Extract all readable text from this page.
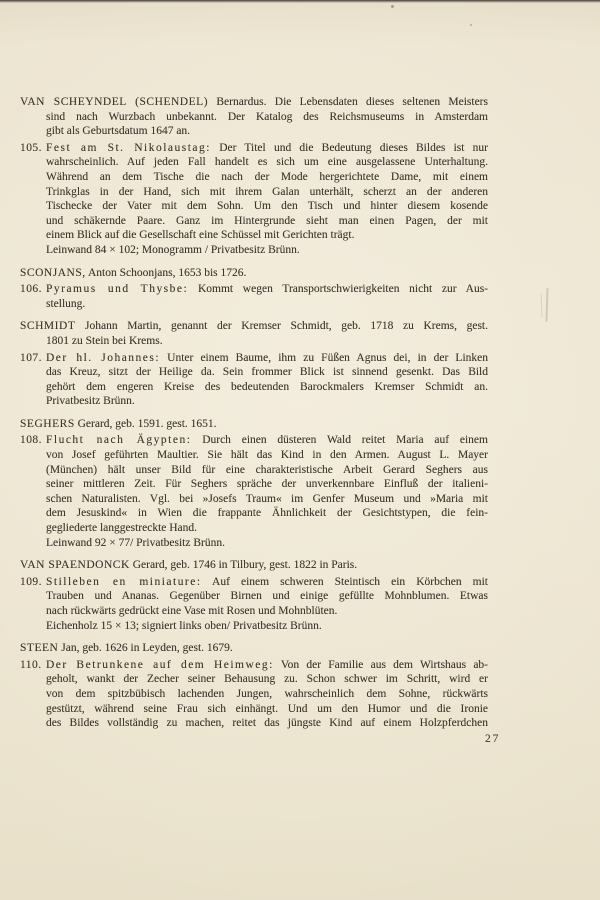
VAN SCHEYNDEL (SCHENDEL) Bernardus. Die Lebensdaten dieses seltenen Meisters
sind nach Wurzbach unbekannt. Der Katalog des Reichsmuseums in Amsterdam
gibt als Geburtsdatum 1647 an.
105. Fest am St. Nikolaustag: Der Titel und die Bedeutung dieses Bildes ist nur
wahrscheinlich. Auf jeden Fall handelt es sich um eine ausgelassene Unterhaltung.
Während an dem Tische die nach der Mode hergerichtete Dame, mit einem
Trinkglas in der Hand, sich mit ihrem Galan unterhält, scherzt an der anderen
Tischecke der Vater mit dem Sohn. Um den Tisch und hinter diesem kosende
und schäkernde Paare. Ganz im Hintergrunde sieht man einen Pagen, der mit
einem Blick auf die Gesellschaft eine Schüssel mit Gerichten trägt.
Leinwand 84 × 102; Monogramm / Privatbesitz Brünn.
SCONJANS, Anton Schoonjans, 1653 bis 1726.
106. Pyramus und Thysbe: Kommt wegen Transportschwierigkeiten nicht zur Aus-
stellung.
SCHMIDT Johann Martin, genannt der Kremser Schmidt, geb. 1718 zu Krems, gest.
1801 zu Stein bei Krems.
107. Der hl. Johannes: Unter einem Baume, ihm zu Füßen Agnus dei, in der Linken
das Kreuz, sitzt der Heilige da. Sein frommer Blick ist sinnend gesenkt. Das Bild
gehört dem engeren Kreise des bedeutenden Barockmalers Kremser Schmidt an.
Privatbesitz Brünn.
SEGHERS Gerard, geb. 1591. gest. 1651.
108. Flucht nach Ägypten: Durch einen düsteren Wald reitet Maria auf einem
von Josef geführten Maultier. Sie hält das Kind in den Armen. August L. Mayer
(München) hält unser Bild für eine charakteristische Arbeit Gerard Seghers aus
seiner mittleren Zeit. Für Seghers spräche der unverkennbare Einfluß der italieni-
schen Naturalisten. Vgl. bei »Josefs Traum« im Genfer Museum und »Maria mit
dem Jesuskind« in Wien die frappante Ähnlichkeit der Gesichtstypen, die fein-
gegliederte langgestreckte Hand.
Leinwand 92 × 77/ Privatbesitz Brünn.
VAN SPAENDONCK Gerard, geb. 1746 in Tilbury, gest. 1822 in Paris.
109. Stilleben en miniature: Auf einem schweren Steintisch ein Körbchen mit
Trauben und Ananas. Gegenüber Birnen und einige gefüllte Mohnblumen. Etwas
nach rückwärts gedrückt eine Vase mit Rosen und Mohnblüten.
Eichenholz 15 × 13; signiert links oben/ Privatbesitz Brünn.
STEEN Jan, geb. 1626 in Leyden, gest. 1679.
110. Der Betrunkene auf dem Heimweg: Von der Familie aus dem Wirtshaus ab-
geholt, wankt der Zecher seiner Behausung zu. Schon schwer im Schritt, wird er
von dem spitzbübisch lachenden Jungen, wahrscheinlich dem Sohne, rückwärts
gestützt, während seine Frau sich einhängt. Und um den Humor und die Ironie
des Bildes vollständig zu machen, reitet das jüngste Kind auf einem Holzpferdchen
27
